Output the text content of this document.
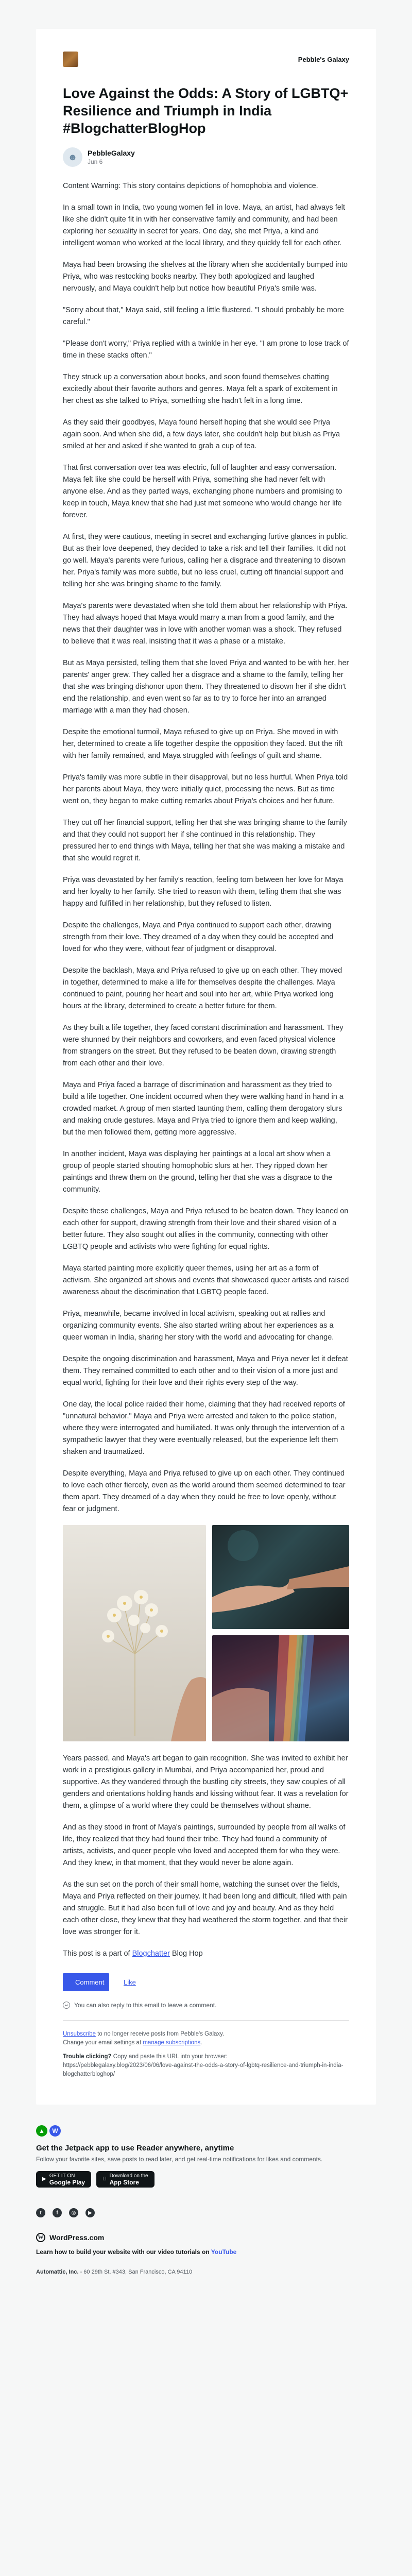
Pebble's Galaxy
Love Against the Odds: A Story of LGBTQ+ Resilience and Triumph in India #BlogchatterBlogHop
☻ PebbleGalaxy
Jun 6

Content Warning: This story contains depictions of homophobia and violence.

In a small town in India, two young women fell in love. Maya, an artist, had always felt like she didn't quite fit in with her conservative family and community, and had been exploring her sexuality in secret for years. One day, she met Priya, a kind and intelligent woman who worked at the local library, and they quickly fell for each other.

Maya had been browsing the shelves at the library when she accidentally bumped into Priya, who was restocking books nearby. They both apologized and laughed nervously, and Maya couldn't help but notice how beautiful Priya's smile was.

"Sorry about that," Maya said, still feeling a little flustered. "I should probably be more careful."

"Please don't worry," Priya replied with a twinkle in her eye. "I am prone to lose track of time in these stacks often."

They struck up a conversation about books, and soon found themselves chatting excitedly about their favorite authors and genres. Maya felt a spark of excitement in her chest as she talked to Priya, something she hadn't felt in a long time.

As they said their goodbyes, Maya found herself hoping that she would see Priya again soon. And when she did, a few days later, she couldn't help but blush as Priya smiled at her and asked if she wanted to grab a cup of tea.

That first conversation over tea was electric, full of laughter and easy conversation. Maya felt like she could be herself with Priya, something she had never felt with anyone else. And as they parted ways, exchanging phone numbers and promising to keep in touch, Maya knew that she had just met someone who would change her life forever.

At first, they were cautious, meeting in secret and exchanging furtive glances in public. But as their love deepened, they decided to take a risk and tell their families. It did not go well. Maya's parents were furious, calling her a disgrace and threatening to disown her. Priya's family was more subtle, but no less cruel, cutting off financial support and telling her she was bringing shame to the family.

Maya's parents were devastated when she told them about her relationship with Priya. They had always hoped that Maya would marry a man from a good family, and the news that their daughter was in love with another woman was a shock. They refused to believe that it was real, insisting that it was a phase or a mistake.

But as Maya persisted, telling them that she loved Priya and wanted to be with her, her parents' anger grew. They called her a disgrace and a shame to the family, telling her that she was bringing dishonor upon them. They threatened to disown her if she didn't end the relationship, and even went so far as to try to force her into an arranged marriage with a man they had chosen.

Despite the emotional turmoil, Maya refused to give up on Priya. She moved in with her, determined to create a life together despite the opposition they faced. But the rift with her family remained, and Maya struggled with feelings of guilt and shame.

Priya's family was more subtle in their disapproval, but no less hurtful. When Priya told her parents about Maya, they were initially quiet, processing the news. But as time went on, they began to make cutting remarks about Priya's choices and her future.

They cut off her financial support, telling her that she was bringing shame to the family and that they could not support her if she continued in this relationship. They pressured her to end things with Maya, telling her that she was making a mistake and that she would regret it.

Priya was devastated by her family's reaction, feeling torn between her love for Maya and her loyalty to her family. She tried to reason with them, telling them that she was happy and fulfilled in her relationship, but they refused to listen.

Despite the challenges, Maya and Priya continued to support each other, drawing strength from their love. They dreamed of a day when they could be accepted and loved for who they were, without fear of judgment or disapproval.

Despite the backlash, Maya and Priya refused to give up on each other. They moved in together, determined to make a life for themselves despite the challenges. Maya continued to paint, pouring her heart and soul into her art, while Priya worked long hours at the library, determined to create a better future for them.

As they built a life together, they faced constant discrimination and harassment. They were shunned by their neighbors and coworkers, and even faced physical violence from strangers on the street. But they refused to be beaten down, drawing strength from each other and their love.

Maya and Priya faced a barrage of discrimination and harassment as they tried to build a life together. One incident occurred when they were walking hand in hand in a crowded market. A group of men started taunting them, calling them derogatory slurs and making crude gestures. Maya and Priya tried to ignore them and keep walking, but the men followed them, getting more aggressive.

In another incident, Maya was displaying her paintings at a local art show when a group of people started shouting homophobic slurs at her. They ripped down her paintings and threw them on the ground, telling her that she was a disgrace to the community.

Despite these challenges, Maya and Priya refused to be beaten down. They leaned on each other for support, drawing strength from their love and their shared vision of a better future. They also sought out allies in the community, connecting with other LGBTQ people and activists who were fighting for equal rights.

Maya started painting more explicitly queer themes, using her art as a form of activism. She organized art shows and events that showcased queer artists and raised awareness about the discrimination that LGBTQ people faced.

Priya, meanwhile, became involved in local activism, speaking out at rallies and organizing community events. She also started writing about her experiences as a queer woman in India, sharing her story with the world and advocating for change.

Despite the ongoing discrimination and harassment, Maya and Priya never let it defeat them. They remained committed to each other and to their vision of a more just and equal world, fighting for their love and their rights every step of the way.

One day, the local police raided their home, claiming that they had received reports of "unnatural behavior." Maya and Priya were arrested and taken to the police station, where they were interrogated and humiliated. It was only through the intervention of a sympathetic lawyer that they were eventually released, but the experience left them shaken and traumatized.

Despite everything, Maya and Priya refused to give up on each other. They continued to love each other fiercely, even as the world around them seemed determined to tear them apart. They dreamed of a day when they could be free to love openly, without fear or judgment.

Years passed, and Maya's art began to gain recognition. She was invited to exhibit her work in a prestigious gallery in Mumbai, and Priya accompanied her, proud and supportive. As they wandered through the bustling city streets, they saw couples of all genders and orientations holding hands and kissing without fear. It was a revelation for them, a glimpse of a world where they could be themselves without shame.

And as they stood in front of Maya's paintings, surrounded by people from all walks of life, they realized that they had found their tribe. They had found a community of artists, activists, and queer people who loved and accepted them for who they were. And they knew, in that moment, that they would never be alone again.

As the sun set on the porch of their small home, watching the sunset over the fields, Maya and Priya reflected on their journey. It had been long and difficult, filled with pain and struggle. But it had also been full of love and joy and beauty. And as they held each other close, they knew that they had weathered the storm together, and that their love was stronger for it.

This post is a part of Blogchatter Blog Hop

Comment	Like
↩ You can also reply to this email to leave a comment.

Unsubscribe to no longer receive posts from Pebble's Galaxy.
Change your email settings at manage subscriptions.

Trouble clicking? Copy and paste this URL into your browser:
https://pebblegalaxy.blog/2023/06/06/love-against-the-odds-a-story-of-lgbtq-resilience-and-triumph-in-india-blogchatterbloghop/

▲	W
Get the Jetpack app to use Reader anywhere, anytime
Follow your favorite sites, save posts to read later, and get real-time notifications for likes and comments.
▶
GET IT ON
Google Play
Download on the
App Store
t	f	◎	▶
W WordPress.com
Learn how to build your website with our video tutorials on YouTube
Automattic, Inc. - 60 29th St. #343, San Francisco, CA 94110
